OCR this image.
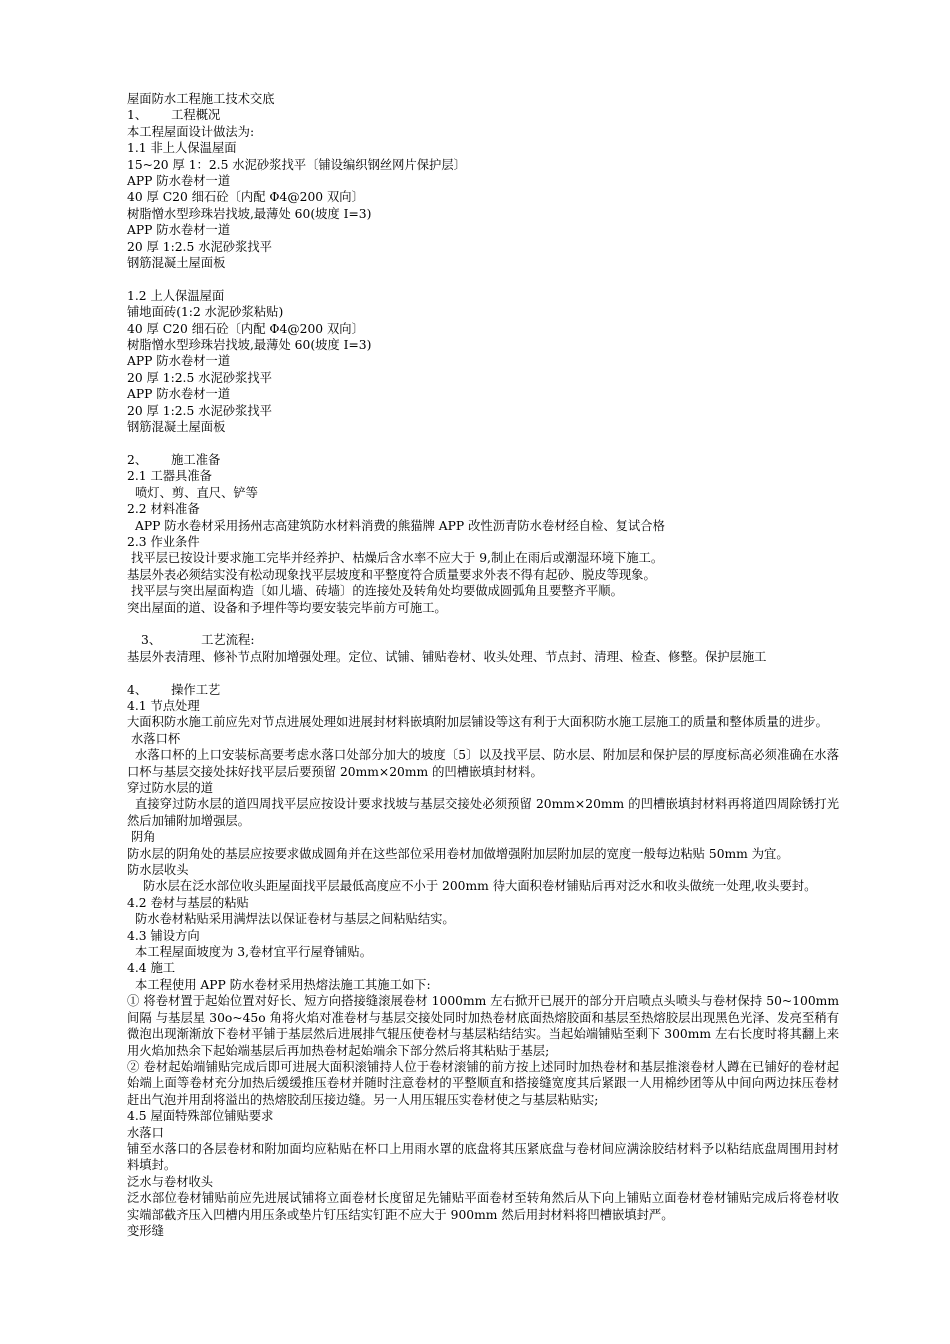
屋面防水工程施工技术交底
1、 工程概况
本工程屋面设计做法为:
1.1 非上人保温屋面
15~20 厚 1：2.5 水泥砂浆找平〔铺设编织钢丝网片保护层〕
APP 防水卷材一道
40 厚 C20 细石砼〔内配 Φ4@200 双向〕
树脂憎水型珍珠岩找坡,最薄处 60(坡度 I=3)
APP 防水卷材一道
20 厚 1:2.5 水泥砂浆找平
钢筋混凝土屋面板
1.2 上人保温屋面
铺地面砖(1:2 水泥砂浆粘贴)
40 厚 C20 细石砼〔内配 Φ4@200 双向〕
树脂憎水型珍珠岩找坡,最薄处 60(坡度 I=3)
APP 防水卷材一道
20 厚 1:2.5 水泥砂浆找平
APP 防水卷材一道
20 厚 1:2.5 水泥砂浆找平
钢筋混凝土屋面板
2、 施工准备
2.1 工器具准备
喷灯、剪、直尺、铲等
2.2 材料准备
APP 防水卷材采用扬州志高建筑防水材料消费的熊猫牌 APP 改性沥青防水卷材经自检、复试合格
2.3 作业条件
找平层已按设计要求施工完毕并经养护、枯燥后含水率不应大于 9,制止在雨后或潮湿环境下施工。
基层外表必须结实没有松动现象找平层坡度和平整度符合质量要求外表不得有起砂、脱皮等现象。
找平层与突出屋面构造〔如儿墙、砖墙〕的连接处及转角处均要做成圆弧角且要整齐平顺。
突出屋面的道、设备和予埋件等均要安装完毕前方可施工。
3、	工艺流程:
基层外表清理、修补节点附加增强处理。定位、试铺、铺贴卷材、收头处理、节点封、清理、检查、修整。保护层施工
4、 操作工艺
4.1 节点处理
大面积防水施工前应先对节点进展处理如进展封材料嵌填附加层铺设等这有利于大面积防水施工层施工的质量和整体质量的进步。
水落口杯
水落口杯的上口安装标高要考虑水落口处部分加大的坡度〔5〕以及找平层、防水层、附加层和保护层的厚度标高必须准确在水落口杯与基层交接处抹好找平层后要预留 20mm×20mm 的凹槽嵌填封材料。
穿过防水层的道
直接穿过防水层的道四周找平层应按设计要求找坡与基层交接处必须预留 20mm×20mm 的凹槽嵌填封材料再将道四周除锈打光然后加铺附加增强层。
阴角
防水层的阴角处的基层应按要求做成圆角并在这些部位采用卷材加做增强附加层附加层的宽度一般每边粘贴 50mm 为宜。
防水层收头
防水层在泛水部位收头距屋面找平层最低高度应不小于 200mm 待大面积卷材铺贴后再对泛水和收头做统一处理,收头要封。
4.2 卷材与基层的粘贴
防水卷材粘贴采用满焊法以保证卷材与基层之间粘贴结实。
4.3 铺设方向
本工程屋面坡度为 3,卷材宜平行屋脊铺贴。
4.4 施工
本工程使用 APP 防水卷材采用热熔法施工其施工如下:
① 将卷材置于起始位置对好长、短方向搭接缝滚展卷材 1000mm 左右掀开已展开的部分开启喷点头喷头与卷材保持 50~100mm 间隔 与基层星 30o~45o 角将火焰对准卷材与基层交接处同时加热卷材底面热熔胶面和基层至热熔胶层出现黑色光泽、发亮至稍有微泡出现渐渐放下卷材平铺于基层然后进展排气辊压使卷材与基层粘结结实。当起始端铺贴至剩下 300mm 左右长度时将其翻上来用火焰加热余下起始端基层后再加热卷材起始端余下部分然后将其粘贴于基层;
② 卷材起始端铺贴完成后即可进展大面积滚铺持人位于卷材滚铺的前方按上述同时加热卷材和基层推滚卷材人蹲在已铺好的卷材起始端上面等卷材充分加热后缓缓推压卷材并随时注意卷材的平整顺直和搭接缝宽度其后紧跟一人用棉纱团等从中间向两边抹压卷材赶出气泡并用刮将溢出的热熔胶刮压接边缝。另一人用压辊压实卷材使之与基层粘贴实;
4.5 屋面特殊部位铺贴要求
水落口
铺至水落口的各层卷材和附加面均应粘贴在杯口上用雨水罩的底盘将其压紧底盘与卷材间应满涂胶结材料予以粘结底盘周围用封材料填封。
泛水与卷材收头
泛水部位卷材铺贴前应先进展试铺将立面卷材长度留足先铺贴平面卷材至转角然后从下向上铺贴立面卷材卷材铺贴完成后将卷材收实端部截齐压入凹槽内用压条或垫片钉压结实钉距不应大于 900mm 然后用封材料将凹槽嵌填封严。
变形缝
